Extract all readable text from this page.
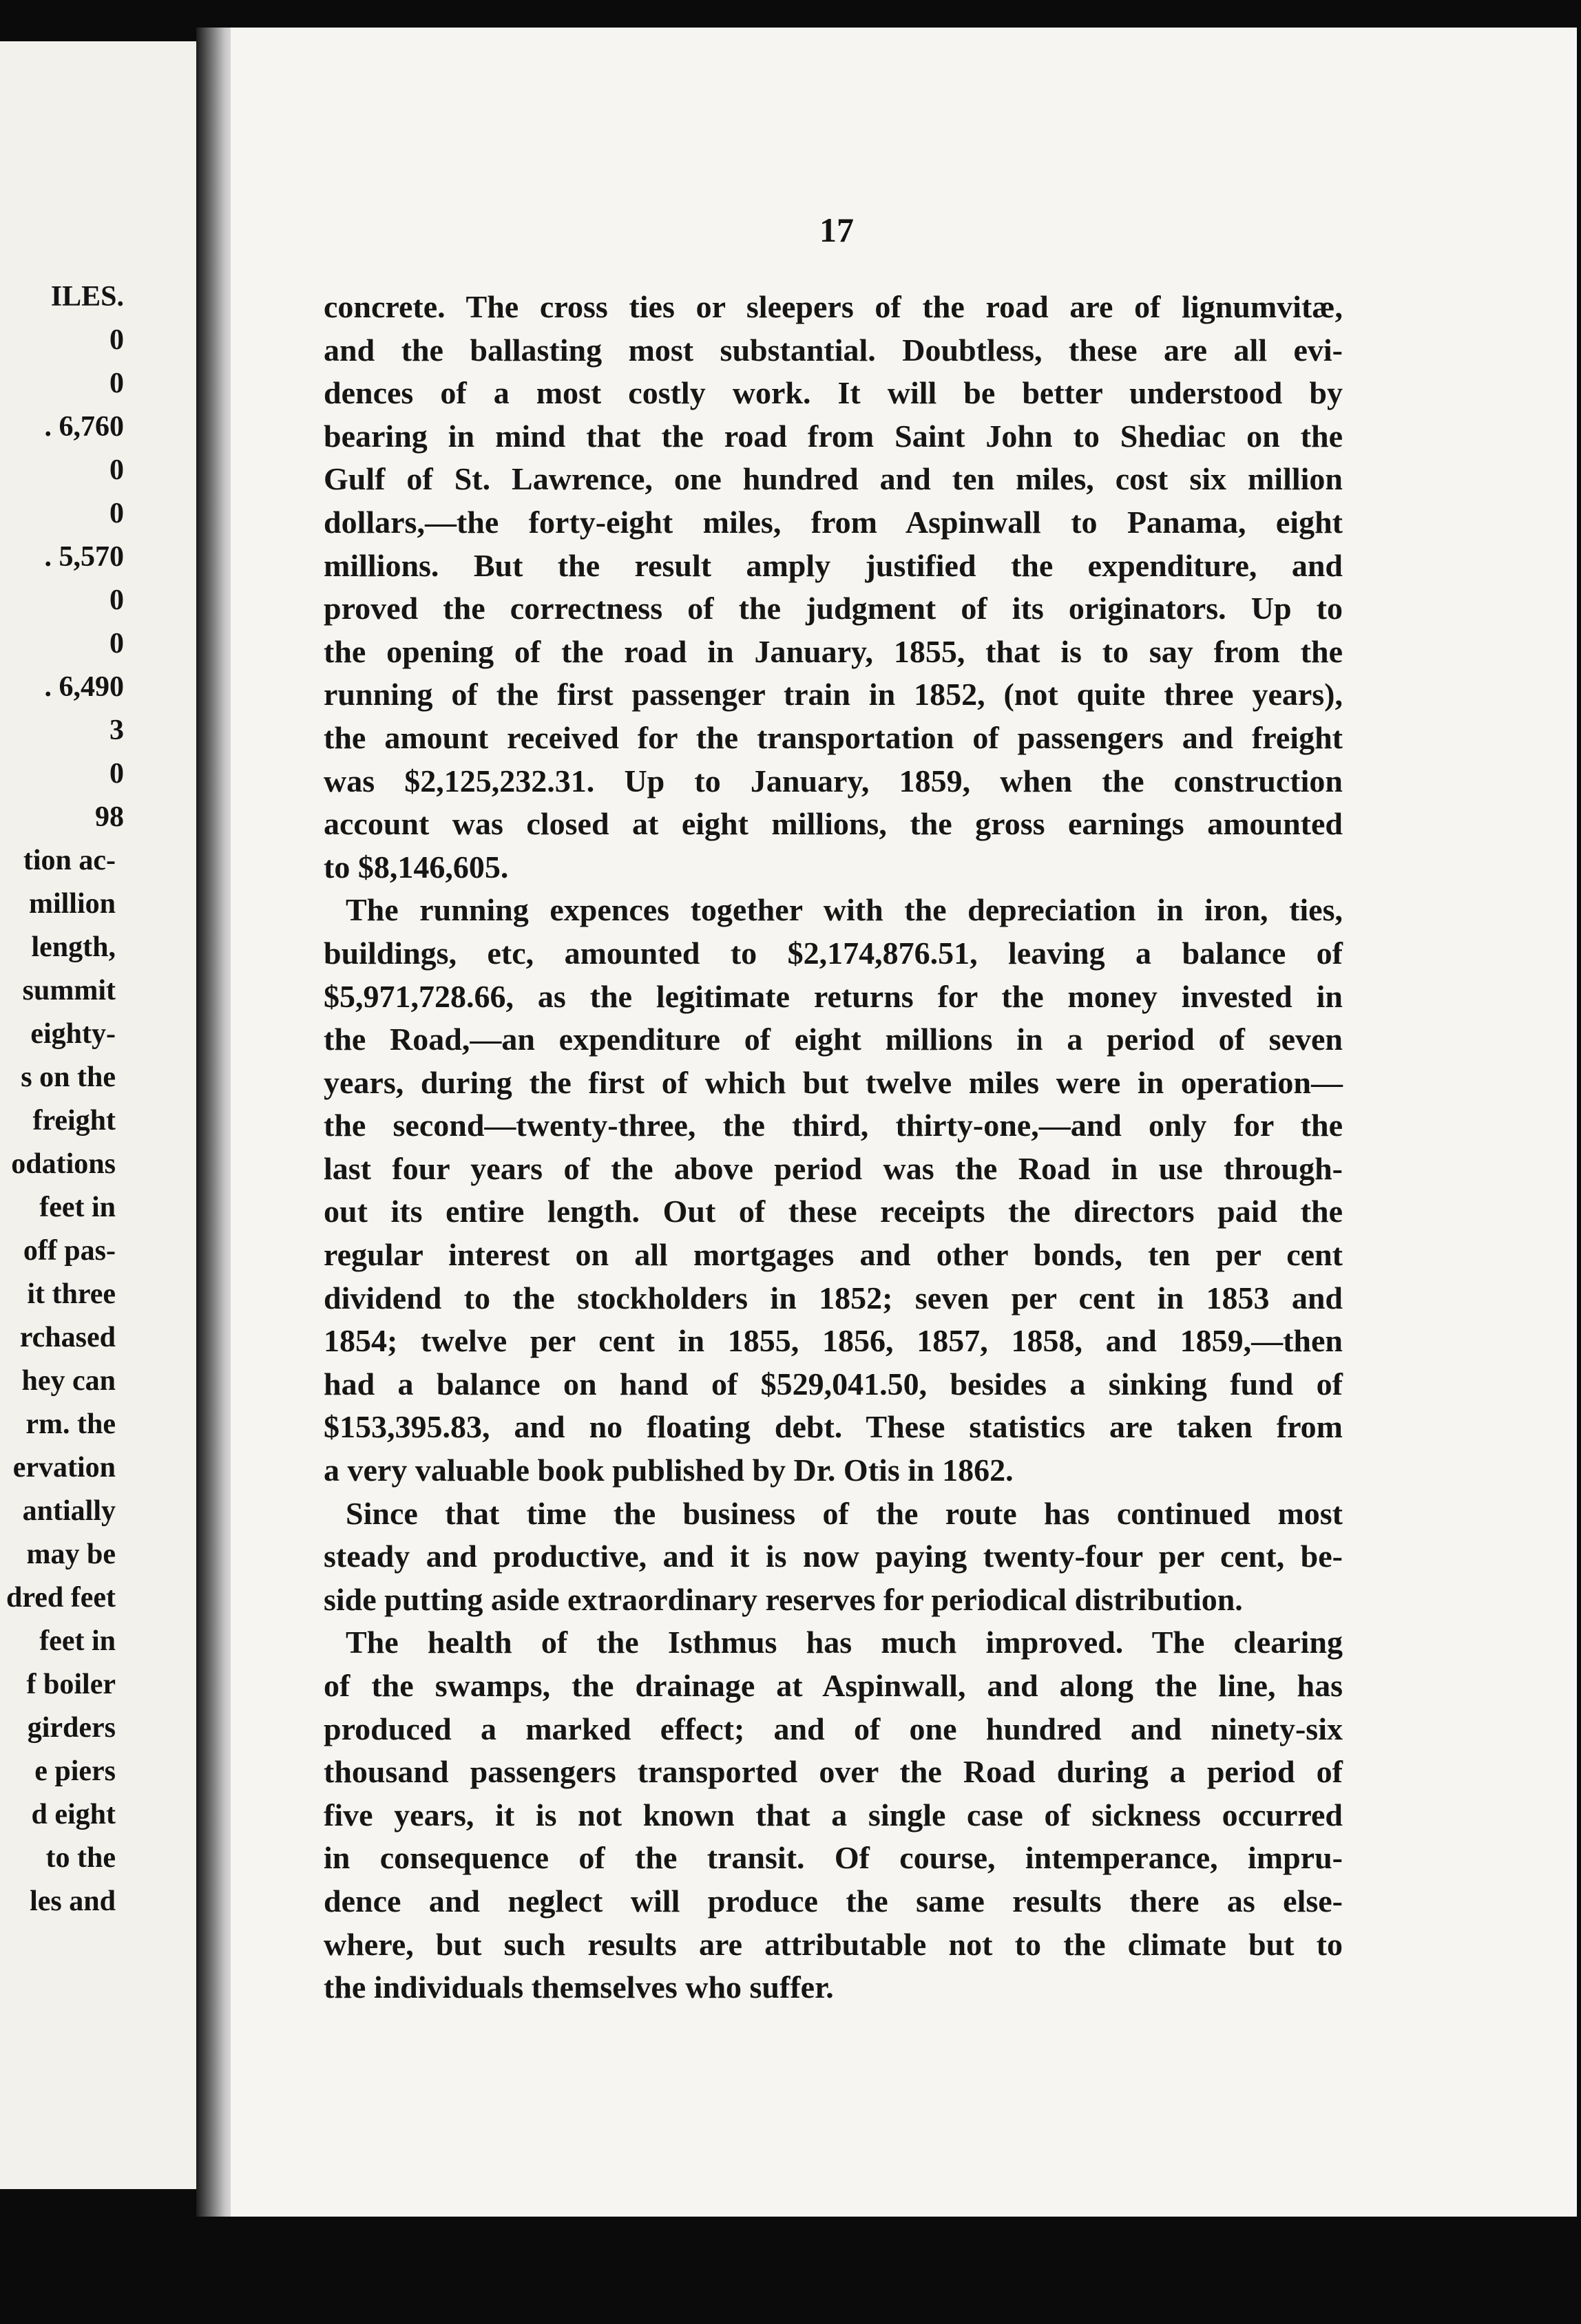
ILES.
0
0
. 6,760
0
0
. 5,570
0
0
. 6,490
3
0
98
tion ac-
million
length,
summit
eighty-
s on the
freight
odations
feet in
off pas-
it three
rchased
hey can
rm. the
ervation
antially
may be
dred feet
feet in
f boiler
girders
e piers
d eight
to the
les and
17
concrete. The cross ties or sleepers of the road are of lignumvitæ,
and the ballasting most substantial. Doubtless, these are all evi-
dences of a most costly work. It will be better understood by
bearing in mind that the road from Saint John to Shediac on the
Gulf of St. Lawrence, one hundred and ten miles, cost six million
dollars,—the forty-eight miles, from Aspinwall to Panama, eight
millions. But the result amply justified the expenditure, and
proved the correctness of the judgment of its originators. Up to
the opening of the road in January, 1855, that is to say from the
running of the first passenger train in 1852, (not quite three years),
the amount received for the transportation of passengers and freight
was $2,125,232.31. Up to January, 1859, when the construction
account was closed at eight millions, the gross earnings amounted
to $8,146,605.
The running expences together with the depreciation in iron, ties,
buildings, etc, amounted to $2,174,876.51, leaving a balance of
$5,971,728.66, as the legitimate returns for the money invested in
the Road,—an expenditure of eight millions in a period of seven
years, during the first of which but twelve miles were in operation—
the second—twenty-three, the third, thirty-one,—and only for the
last four years of the above period was the Road in use through-
out its entire length. Out of these receipts the directors paid the
regular interest on all mortgages and other bonds, ten per cent
dividend to the stockholders in 1852; seven per cent in 1853 and
1854; twelve per cent in 1855, 1856, 1857, 1858, and 1859,—then
had a balance on hand of $529,041.50, besides a sinking fund of
$153,395.83, and no floating debt. These statistics are taken from
a very valuable book published by Dr. Otis in 1862.
Since that time the business of the route has continued most
steady and productive, and it is now paying twenty-four per cent, be-
side putting aside extraordinary reserves for periodical distribution.
The health of the Isthmus has much improved. The clearing
of the swamps, the drainage at Aspinwall, and along the line, has
produced a marked effect; and of one hundred and ninety-six
thousand passengers transported over the Road during a period of
five years, it is not known that a single case of sickness occurred
in consequence of the transit. Of course, intemperance, impru-
dence and neglect will produce the same results there as else-
where, but such results are attributable not to the climate but to
the individuals themselves who suffer.
